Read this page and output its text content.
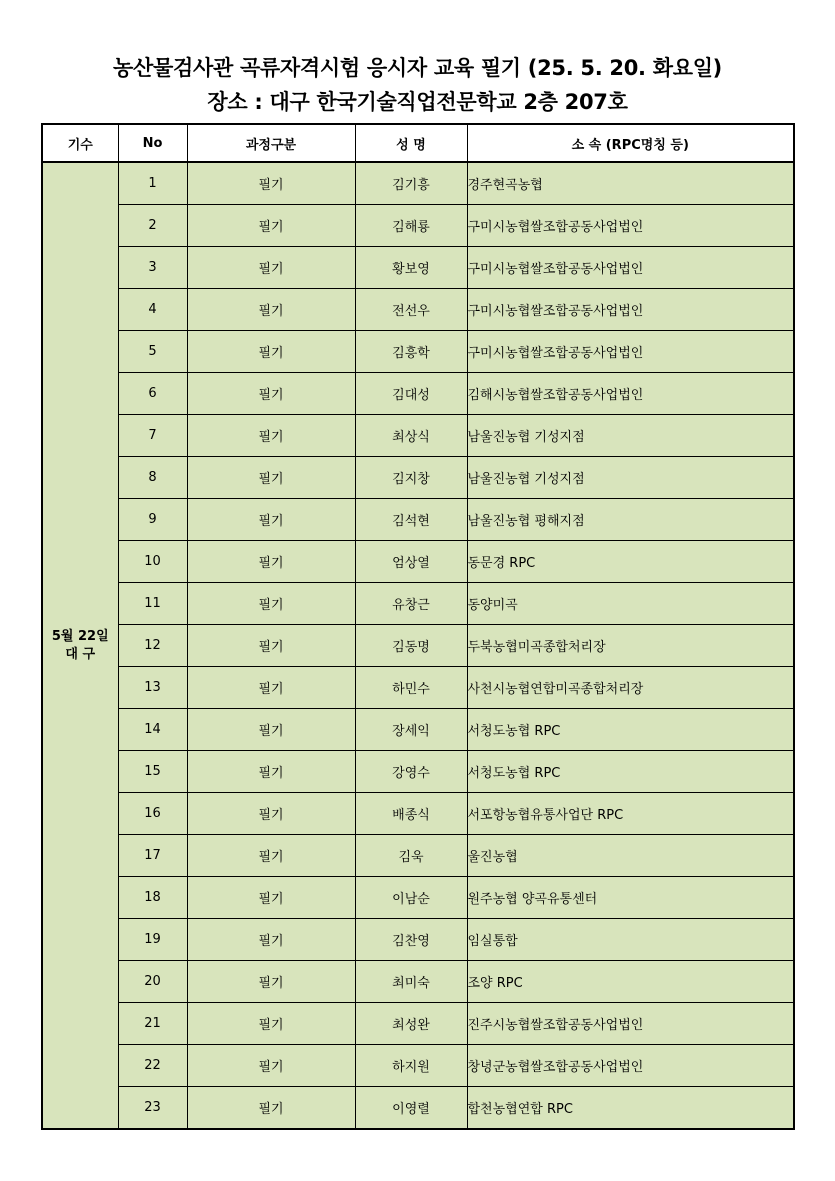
농산물검사관 곡류자격시험 응시자 교육 필기 (25. 5. 20. 화요일)
장소 : 대구 한국기술직업전문학교 2층 207호
기수	No	과정구분	성 명	소 속 (RPC명칭 등)

5월 22일
대 구	1	필기	김기흥	경주현곡농협
	2	필기	김해룡	구미시농협쌀조합공동사업법인
	3	필기	황보영	구미시농협쌀조합공동사업법인
	4	필기	전선우	구미시농협쌀조합공동사업법인
	5	필기	김흥학	구미시농협쌀조합공동사업법인
	6	필기	김대성	김해시농협쌀조합공동사업법인
	7	필기	최상식	남울진농협 기성지점
	8	필기	김지창	남울진농협 기성지점
	9	필기	김석현	남울진농협 평해지점
	10	필기	엄상열	동문경 RPC
	11	필기	유창근	동양미곡
	12	필기	김동명	두북농협미곡종합처리장
	13	필기	하민수	사천시농협연합미곡종합처리장
	14	필기	장세익	서청도농협 RPC
	15	필기	강영수	서청도농협 RPC
	16	필기	배종식	서포항농협유통사업단 RPC
	17	필기	김욱	울진농협
	18	필기	이남순	원주농협 양곡유통센터
	19	필기	김찬영	임실통합
	20	필기	최미숙	조양 RPC
	21	필기	최성완	진주시농협쌀조합공동사업법인
	22	필기	하지원	창녕군농협쌀조합공동사업법인
	23	필기	이영렬	합천농협연합 RPC
